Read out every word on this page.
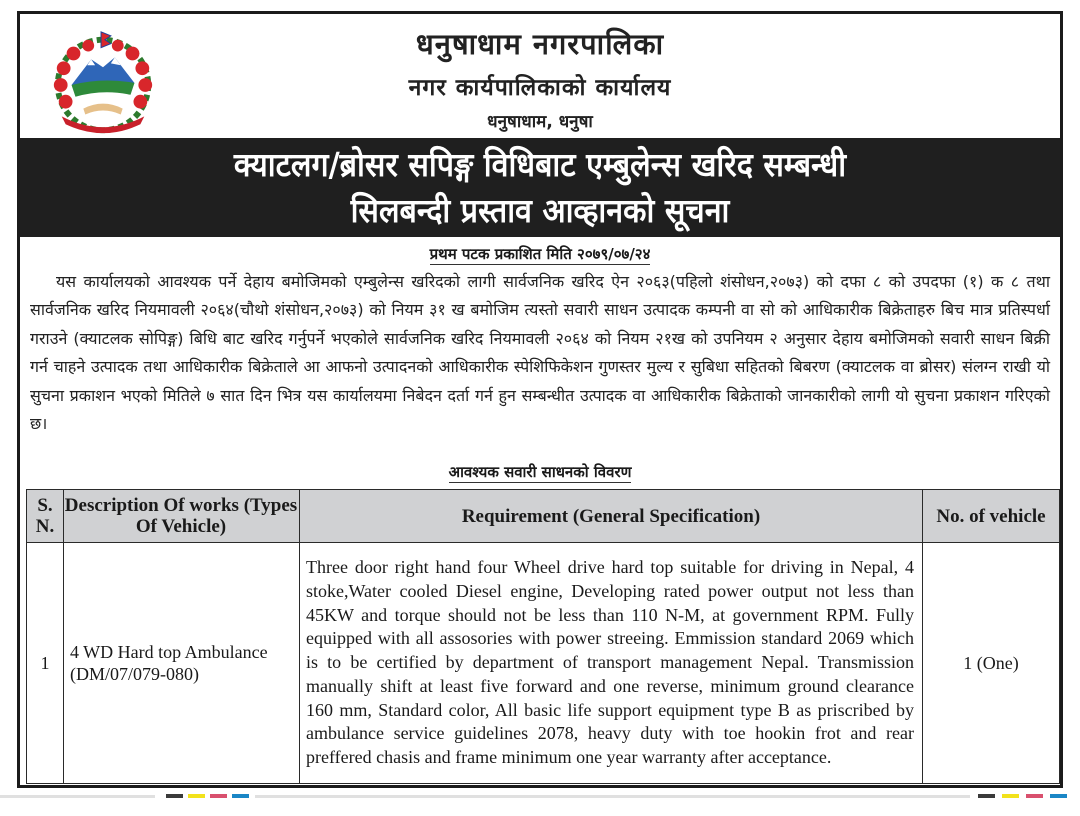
धनुषाधाम नगरपालिका
नगर कार्यपालिकाको कार्यालय
धनुषाधाम, धनुषा
क्याटलग/ब्रोसर सपिङ्ग विधिबाट एम्बुलेन्स खरिद सम्बन्धी
सिलबन्दी प्रस्ताव आव्हानको सूचना
प्रथम पटक प्रकाशित मिति २०७९/०७/२४
यस कार्यालयको आवश्यक पर्ने देहाय बमोजिमको एम्बुलेन्स खरिदको लागी सार्वजनिक खरिद ऐन २०६३(पहिलो शंसोधन,२०७३) को दफा ८ को उपदफा (१) क ८ तथा सार्वजनिक खरिद नियमावली २०६४(चौथो शंसोधन,२०७३) को नियम ३१ ख बमोजिम त्यस्तो सवारी साधन उत्पादक कम्पनी वा सो को आधिकारीक बिक्रेताहरु बिच मात्र प्रतिस्पर्धा गराउने (क्याटलक सोपिङ्ग) बिधि बाट खरिद गर्नुपर्ने भएकोले सार्वजनिक खरिद नियमावली २०६४ को नियम २१ख को उपनियम २ अनुसार देहाय बमोजिमको सवारी साधन बिक्री गर्न चाहने उत्पादक तथा आधिकारीक बिक्रेताले आ आफनो उत्पादनको आधिकारीक स्पेशिफिकेशन गुणस्तर मुल्य र सुबिधा सहितको बिबरण (क्याटलक वा ब्रोसर) संलग्न राखी यो सुचना प्रकाशन भएको मितिले ७ सात दिन भित्र यस कार्यालयमा निबेदन दर्ता गर्न हुन सम्बन्धीत उत्पादक वा आधिकारीक बिक्रेताको जानकारीको लागी यो सुचना प्रकाशन गरिएको छ।
आवश्यक सवारी साधनको विवरण
S. N.	Description Of works (Types Of Vehicle)	Requirement (General Specification)	No. of vehicle
1	4 WD Hard top Ambulance (DM/07/079-080)	Three door right hand four Wheel drive hard top suitable for driving in Nepal, 4 stoke,Water cooled Diesel engine, Developing rated power output not less than 45KW and torque should not be less than 110 N-M, at government RPM. Fully equipped with all assosories with power streeing. Emmission standard 2069 which is to be certified by department of transport management Nepal. Transmission manually shift at least five forward and one reverse, minimum ground clearance 160 mm, Standard color, All basic life support equipment type B as priscribed by ambulance service guidelines 2078, heavy duty with toe hookin frot and rear preffered chasis and frame minimum one year warranty after acceptance.	1 (One)
